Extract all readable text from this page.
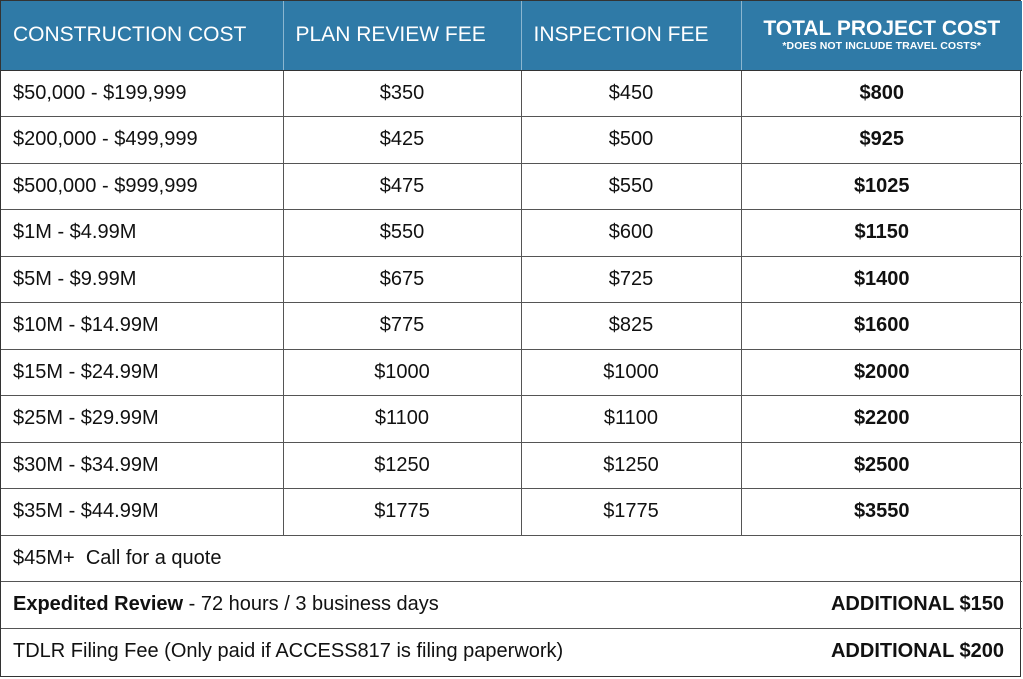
CONSTRUCTION COST	PLAN REVIEW FEE	INSPECTION FEE	TOTAL PROJECT COST
*DOES NOT INCLUDE TRAVEL COSTS*

$50,000 - $199,999	$350	$450	$800
$200,000 - $499,999	$425	$500	$925
$500,000 - $999,999	$475	$550	$1025
$1M - $4.99M	$550	$600	$1150
$5M - $9.99M	$675	$725	$1400
$10M - $14.99M	$775	$825	$1600
$15M - $24.99M	$1000	$1000	$2000
$25M - $29.99M	$1100	$1100	$2200
$30M - $34.99M	$1250	$1250	$2500
$35M - $44.99M	$1775	$1775	$3550
$45M+ Call for a quote			

Expedited Review - 72 hours / 3 business days ADDITIONAL $150			

TDLR Filing Fee (Only paid if ACCESS817 is filing paperwork) ADDITIONAL $200			
